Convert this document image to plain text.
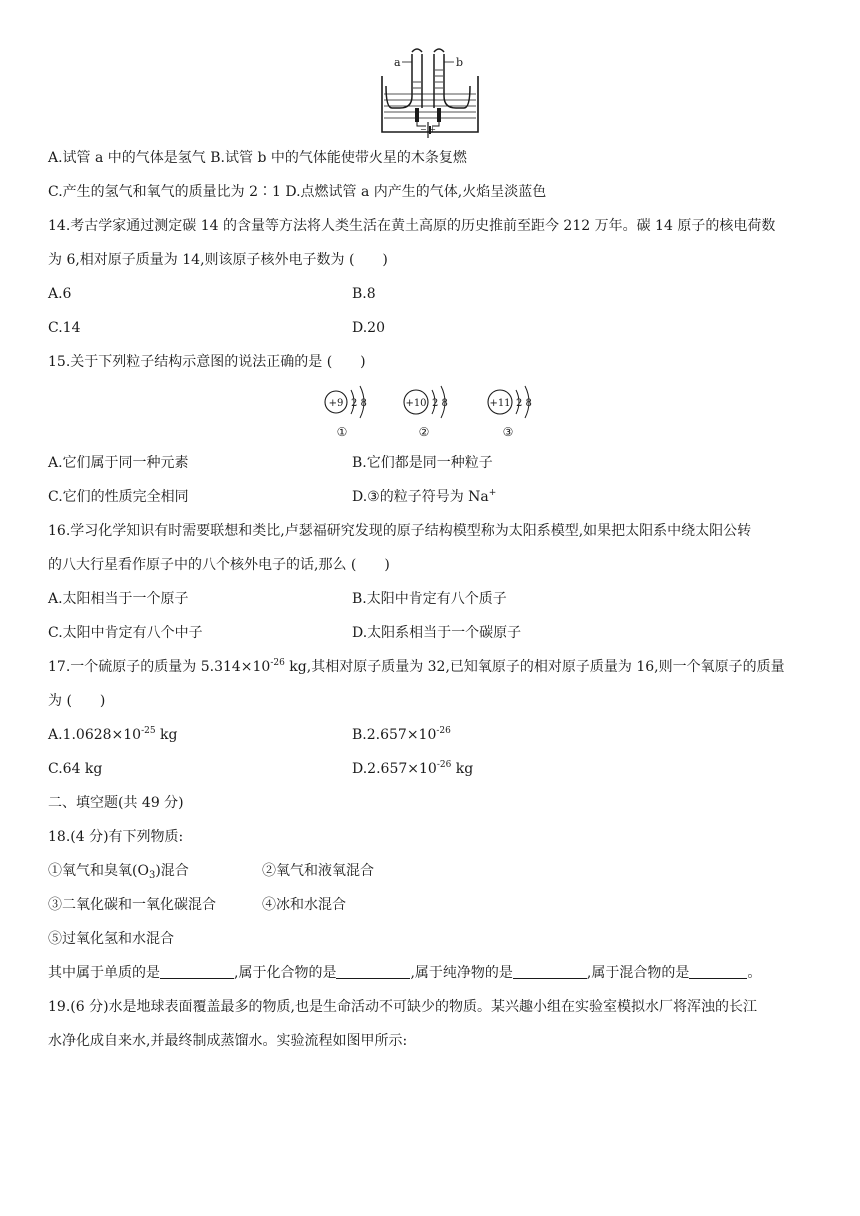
a	b
− +
A.试管 a 中的气体是氢气 B.试管 b 中的气体能使带火星的木条复燃
C.产生的氢气和氧气的质量比为 2∶1 D.点燃试管 a 内产生的气体,火焰呈淡蓝色
14.考古学家通过测定碳 14 的含量等方法将人类生活在黄土高原的历史推前至距今 212 万年。碳 14 原子的核电荷数
为 6,相对原子质量为 14,则该原子核外电子数为 (　　)
A.6	B.8
C.14	D.20
15.关于下列粒子结构示意图的说法正确的是 (　　)
+9 2 8
①
+10 2 8
②
+11 2 8
③
A.它们属于同一种元素	B.它们都是同一种粒子
C.它们的性质完全相同	D.③的粒子符号为 Na+
16.学习化学知识有时需要联想和类比,卢瑟福研究发现的原子结构模型称为太阳系模型,如果把太阳系中绕太阳公转
的八大行星看作原子中的八个核外电子的话,那么 (　　)
A.太阳相当于一个原子	B.太阳中肯定有八个质子
C.太阳中肯定有八个中子	D.太阳系相当于一个碳原子
17.一个硫原子的质量为 $5.314\times 10^{-26}$ kg,其相对原子质量为 32,已知氧原子的相对原子质量为 16,则一个氧原子的质量
为 (　　)
$A.1.0628\times 10^{-25}$ kg	$B.2.657\times 10^{-26}$
C.64 kg	$D.2.657\times 10^{-26}$ kg
二、填空题(共 49 分)
18.(4 分)有下列物质:
①氧气和臭氧$(O_3)$混合	②氧气和液氧混合
③二氧化碳和一氧化碳混合	④冰和水混合
⑤过氧化氢和水混合
其中属于单质的是	,属于化合物的是	,属于纯净物的是	,属于混合物的是	。
19.(6 分)水是地球表面覆盖最多的物质,也是生命活动不可缺少的物质。某兴趣小组在实验室模拟水厂将浑浊的长江
水净化成自来水,并最终制成蒸馏水。实验流程如图甲所示:
